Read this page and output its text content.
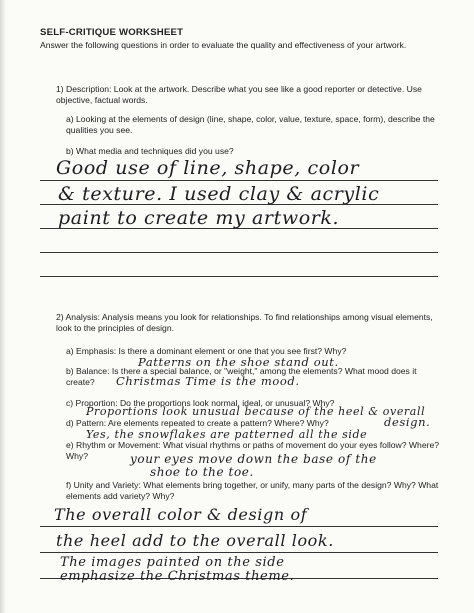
SELF-CRITIQUE WORKSHEET

Answer the following questions in order to evaluate the quality and effectiveness of your artwork.

1) Description: Look at the artwork. Describe what you see like a good reporter or detective. Use objective, factual words.

a) Looking at the elements of design (line, shape, color, value, texture, space, form), describe the qualities you see.

b) What media and techniques did you use?

Good use of line, shape, color
& texture. I used clay & acrylic
paint to create my artwork.

2) Analysis: Analysis means you look for relationships. To find relationships among visual elements, look to the principles of design.

a) Emphasis: Is there a dominant element or one that you see first? Why?

Patterns on the shoe stand out.

b) Balance: Is there a special balance, or "weight," among the elements? What mood does it create?	Christmas Time is the mood.

c) Proportion: Do the proportions look normal, ideal, or unusual? Why?

Proportions look unusual because of the heel & overall

d) Pattern: Are elements repeated to create a pattern? Where? Why?	design.
Yes, the snowflakes are patterned all the side

e) Rhythm or Movement: What visual rhythms or paths of movement do your eyes follow? Where? Why?	your eyes move down the base of the
shoe to the toe.

f) Unity and Variety: What elements bring together, or unify, many parts of the design? Why? What elements add variety? Why?

The overall color & design of
the heel add to the overall look.
The images painted on the side
emphasize the Christmas theme.
